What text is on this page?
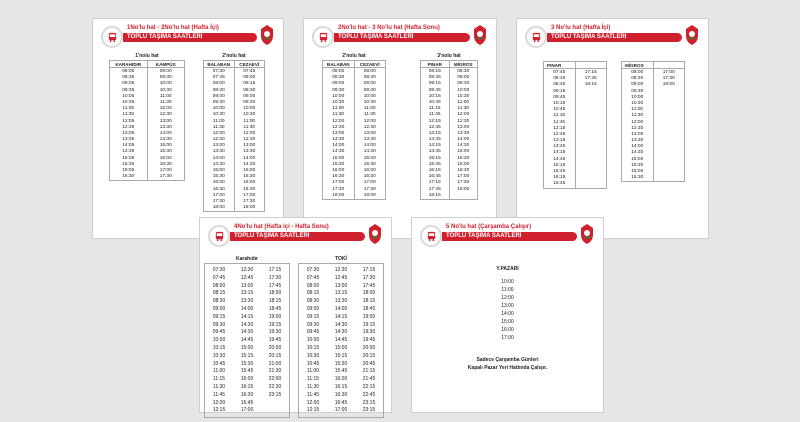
1No'lu hat - 2No'lu hat (Hafta İçi)
TOPLU TAŞIMA SAATLERİ
1'nolu hat
KARAHIDIR
08:05
08:35
09:05
09:35
10:05
10:35
11:05
11:35
12:05
12:35
13:05
13:35
14:05
14:35
15:05
15:35
16:05
16:30
KAMPÜS
09:00
09:30
10:00
10:30
11:00
11:30
12:00
12:30
13:00
13:30
14:00
14:30
15:00
15:30
16:00
16:30
17:00
17:30
2'nolu hat
BALABAN
07:30
07:45
08:00
08:30
09:00
09:30
10:00
10:30
11:00
11:30
12:00
12:30
13:00
13:30
14:00
14:30
15:00
15:30
16:00
16:30
17:00
17:30
18:00
CEZAEVİ
07:45
08:00
08:15
08:30
09:00
09:30
10:00
10:30
11:00
11:30
12:00
12:30
13:00
13:30
14:00
14:30
15:00
15:30
16:00
16:30
17:00
17:30
18:00
2No'lu hat - 3 No'lu hat (Hafta Sonu)
TOPLU TAŞIMA SAATLERİ
2'nolu hat
BALABAN
08:00
08:30
09:00
09:30
10:00
10:30
11:00
11:30
12:00
12:30
13:00
13:30
14:00
14:30
15:00
15:30
16:00
16:30
17:00
17:30
18:00
CEZAEVİ
08:00
08:30
09:00
09:30
10:00
10:30
11:00
11:30
12:00
12:30
13:00
13:30
14:00
14:30
15:00
15:30
16:00
16:30
17:00
17:30
18:00
3'nolu hat
PINAR
08:15
08:45
09:15
09:45
10:15
10:45
11:15
11:45
12:15
12:45
13:15
13:45
14:15
14:45
15:15
15:45
16:15
16:45
17:15
17:45
18:15
MİGROS
08:30
09:00
09:30
10:00
10:30
11:00
11:30
12:00
12:30
13:00
13:30
14:00
14:30
15:00
15:30
16:00
16:30
17:00
17:30
18:00
3 No'lu hat (Hafta İçi)
TOPLU TAŞIMA SAATLERİ
PINAR
07:45
08:15
08:45
09:15
09:45
10:15
10:45
11:15
11:45
12:15
12:45
13:15
13:45
14:15
14:45
15:15
15:45
16:15
16:45
17:15
17:45
18:15
MİGROS
08:00
08:30
09:00
09:30
10:00
10:30
11:00
11:30
12:00
12:30
13:00
13:30
14:00
14:30
15:00
15:30
16:00
16:30
17:00
17:30
18:00
4No'lu hat (Hafta içi - Hafta Sonu)
TOPLU TAŞIMA SAATLERİ
Karahıdır
07:30
07:45
08:00
08:15
08:30
09:00
09:15
09:30
09:45
10:00
10:15
10:30
10:45
11:00
11:15
11:30
11:45
12:00
12:15
12:30
12:45
13:00
13:15
13:30
14:00
14:15
14:30
14:30
14:45
15:00
15:15
15:30
15:45
16:00
16:15
16:30
16:45
17:00
17:15
17:30
17:45
18:00
18:15
18:45
19:00
19:15
19:30
19:45
20:00
20:15
21:00
21:30
22:00
22:30
23:15
TOKİ
07:30
07:45
08:00
08:15
08:30
09:00
09:15
09:30
09:45
10:00
10:15
10:30
10:45
11:00
11:15
11:30
11:45
12:00
12:15
12:30
12:45
13:00
13:15
13:30
14:00
14:15
14:30
14:30
14:45
15:00
15:15
15:30
15:45
16:00
16:15
16:30
16:45
17:00
17:15
17:30
17:45
18:00
18:15
18:45
19:00
19:15
19:30
19:45
20:00
20:15
20:45
21:15
21:45
22:15
22:45
23:15
23:15
5 No'lu hat (Çarşamba Çalışır)
TOPLU TAŞIMA SAATLERİ
Y.PAZARI
10:00
11:00
12:00
13:00
14:00
15:00
16:00
17:00
Sadece Çarşamba Günleri
Kapalı Pazar Yeri Hattında Çalışır.
